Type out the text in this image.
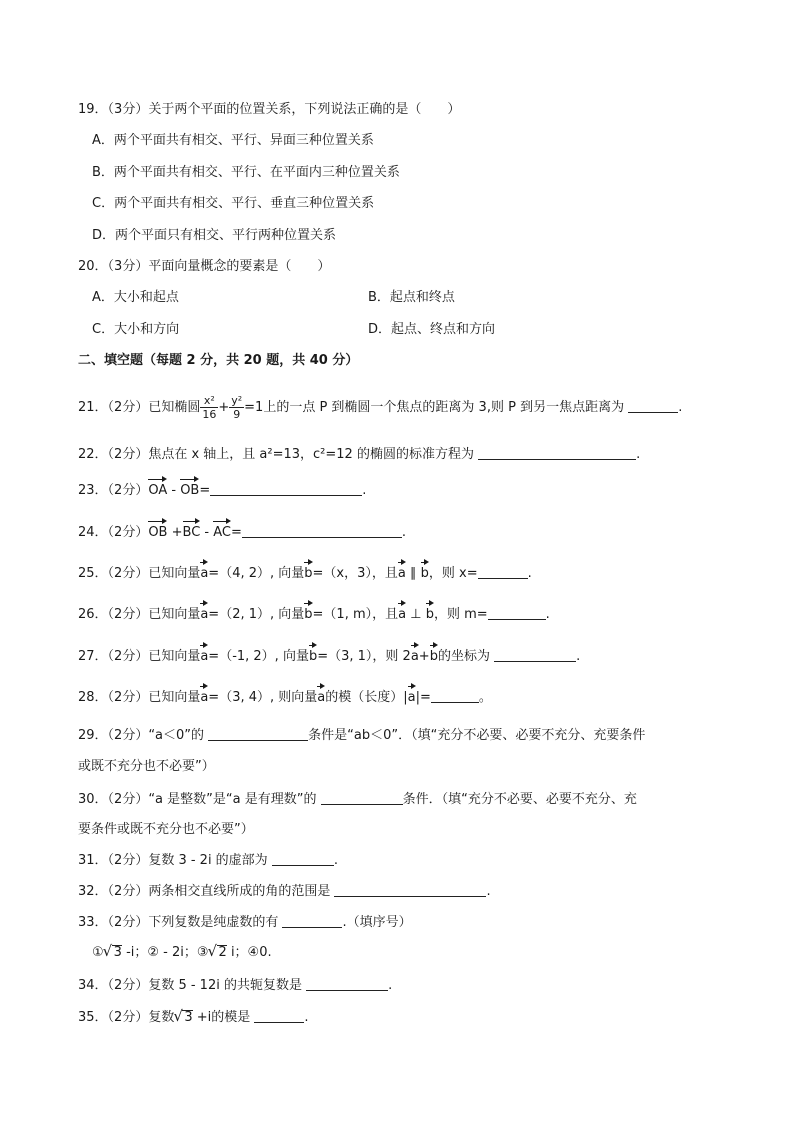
19．（3分）关于两个平面的位置关系，下列说法正确的是（　　）
A．两个平面共有相交、平行、异面三种位置关系
B．两个平面共有相交、平行、在平面内三种位置关系
C．两个平面共有相交、平行、垂直三种位置关系
D．两个平面只有相交、平行两种位置关系
20．（3分）平面向量概念的要素是（　　）
A．大小和起点	B．起点和终点
C．大小和方向	D．起点、终点和方向
二、填空题（每题 2 分，共 20 题，共 40 分）
21．（2分）已知椭圆 $\frac{\text{x²}}{16} + \frac{\text{y²}}{9} =1$上的一点 P 到椭圆一个焦点的距离为 3,则 P 到另一焦点距离为	.
22．（2分）焦点在 x 轴上，且 a²=13，c²=12 的椭圆的标准方程为	.
23．（2分）OA - OB=	.
24．（2分）OB +BC - AC=	.
25．（2分）已知向量a=（4, 2）, 向量b=（x，3），且a ∥ b，则 x=	.
26．（2分）已知向量a=（2, 1）, 向量b=（1, m），且a ⊥ b，则 m=	.
27．（2分）已知向量a=（-1, 2）, 向量b=（3, 1），则 2a+b的坐标为	.
28．（2分）已知向量a=（3, 4）, 则向量a的模（长度）|a|=	。
29．（2分）“a＜0”的	条件是“ab＜0”．（填“充分不必要、必要不充分、充要条件
或既不充分也不必要”）
30．（2分）“a 是整数”是“a 是有理数”的	条件．（填“充分不必要、必要不充分、充
要条件或既不充分也不必要”）
31．（2分）复数 3 - 2i 的虚部为	.
32．（2分）两条相交直线所成的角的范围是	.
33．（2分）下列复数是纯虚数的有	.（填序号）
① √ 3 -i；② - 2i；③ √ 2 i；④0.
34．（2分）复数 5 - 12i 的共轭复数是	.
35．（2分）复数 √ 3 +i的模是	.
